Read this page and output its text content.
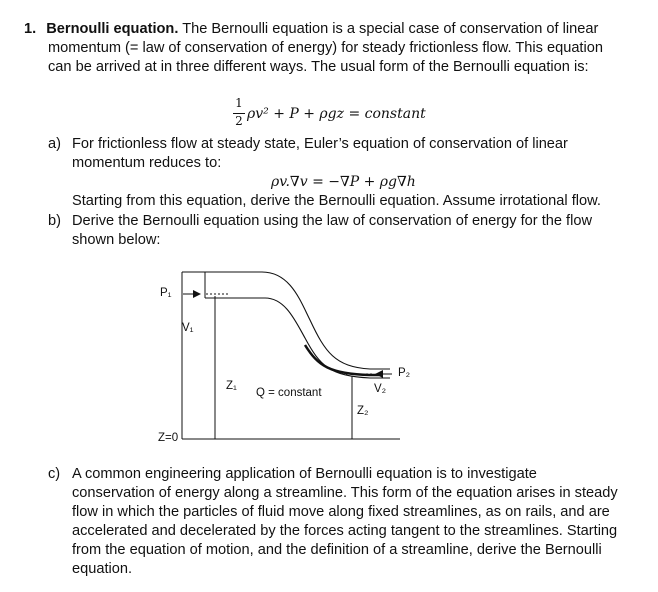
1. Bernoulli equation. The Bernoulli equation is a special case of conservation of linear
momentum (= law of conservation of energy) for steady frictionless flow. This equation
can be arrived at in three different ways. The usual form of the Bernoulli equation is:
1
2 ρv² + P + ρgz = constant
a) For frictionless flow at steady state, Euler’s equation of conservation of linear
momentum reduces to:
ρv.∇v = −∇P + ρg∇h
Starting from this equation, derive the Bernoulli equation. Assume irrotational flow.
b) Derive the Bernoulli equation using the law of conservation of energy for the flow
shown below:
P₁
V₁
Z₁
Q = constant
P₂
V₂
Z₂
Z=0
c) A common engineering application of Bernoulli equation is to investigate
conservation of energy along a streamline. This form of the equation arises in steady
flow in which the particles of fluid move along fixed streamlines, as on rails, and are
accelerated and decelerated by the forces acting tangent to the streamlines. Starting
from the equation of motion, and the definition of a streamline, derive the Bernoulli
equation.
